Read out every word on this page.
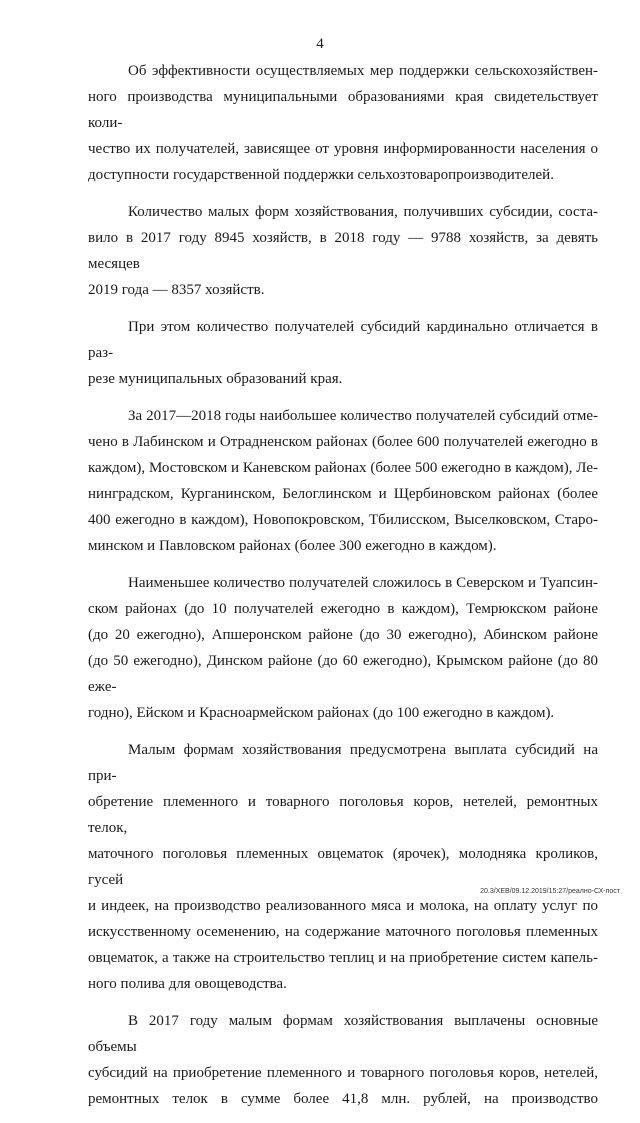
4

Об эффективности осуществляемых мер поддержки сельскохозяйствен-
ного производства муниципальными образованиями края свидетельствует коли-
чество их получателей, зависящее от уровня информированности населения о
доступности государственной поддержки сельхозтоваропроизводителей.

Количество малых форм хозяйствования, получивших субсидии, соста-
вило в 2017 году 8945 хозяйств, в 2018 году — 9788 хозяйств, за девять месяцев
2019 года — 8357 хозяйств.

При этом количество получателей субсидий кардинально отличается в раз-
резе муниципальных образований края.

За 2017—2018 годы наибольшее количество получателей субсидий отме-
чено в Лабинском и Отрадненском районах (более 600 получателей ежегодно в
каждом), Мостовском и Каневском районах (более 500 ежегодно в каждом), Ле-
нинградском, Курганинском, Белоглинском и Щербиновском районах (более
400 ежегодно в каждом), Новопокровском, Тбилисском, Выселковском, Старо-
минском и Павловском районах (более 300 ежегодно в каждом).

Наименьшее количество получателей сложилось в Северском и Туапсин-
ском районах (до 10 получателей ежегодно в каждом), Темрюкском районе
(до 20 ежегодно), Апшеронском районе (до 30 ежегодно), Абинском районе
(до 50 ежегодно), Динском районе (до 60 ежегодно), Крымском районе (до 80 еже-
годно), Ейском и Красноармейском районах (до 100 ежегодно в каждом).

Малым формам хозяйствования предусмотрена выплата субсидий на при-
обретение племенного и товарного поголовья коров, нетелей, ремонтных телок,
маточного поголовья племенных овцематок (ярочек), молодняка кроликов, гусей
и индеек, на производство реализованного мяса и молока, на оплату услуг по
искусственному осеменению, на содержание маточного поголовья племенных
овцематок, а также на строительство теплиц и на приобретение систем капель-
ного полива для овощеводства.

В 2017 году малым формам хозяйствования выплачены основные объемы
субсидий на приобретение племенного и товарного поголовья коров, нетелей,
ремонтных телок в сумме более 41,8 млн. рублей, на производство

20.3/ХЕВ/09.12.2019/15:27/реално-СХ-пост
